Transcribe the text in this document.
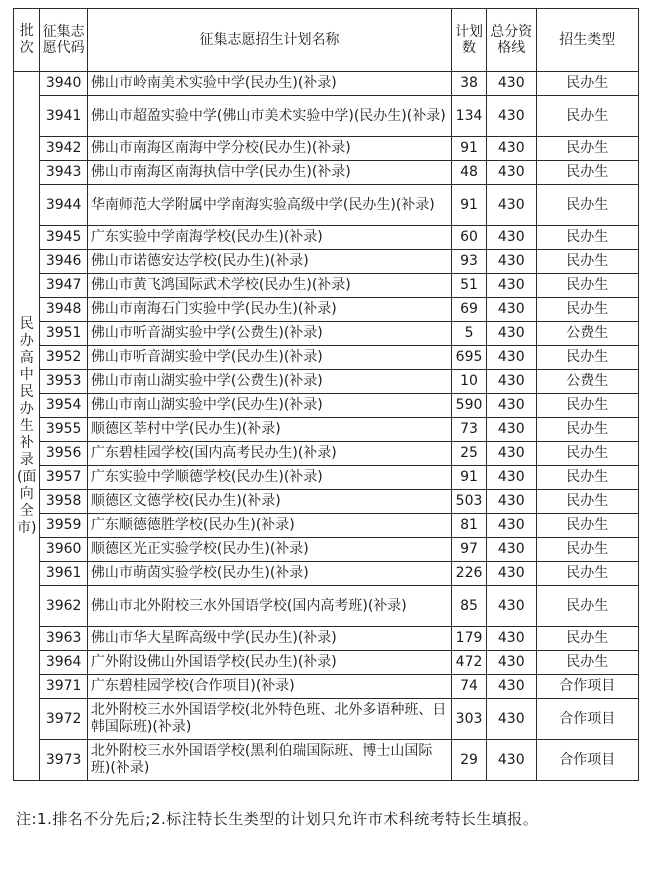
批次	征集志愿代码	征集志愿招生计划名称	计划数	总分资格线	招生类型
民办高中民办生补录(面向全市)	3940	佛山市岭南美术实验中学(民办生)(补录)	38	430	民办生
	3941	佛山市超盈实验中学(佛山市美术实验中学)(民办生)(补录)	134	430	民办生
	3942	佛山市南海区南海中学分校(民办生)(补录)	91	430	民办生
	3943	佛山市南海区南海执信中学(民办生)(补录)	48	430	民办生
	3944	华南师范大学附属中学南海实验高级中学(民办生)(补录)	91	430	民办生
	3945	广东实验中学南海学校(民办生)(补录)	60	430	民办生
	3946	佛山市诺德安达学校(民办生)(补录)	93	430	民办生
	3947	佛山市黄飞鸿国际武术学校(民办生)(补录)	51	430	民办生
	3948	佛山市南海石门实验中学(民办生)(补录)	69	430	民办生
	3951	佛山市听音湖实验中学(公费生)(补录)	5	430	公费生
	3952	佛山市听音湖实验中学(民办生)(补录)	695	430	民办生
	3953	佛山市南山湖实验中学(公费生)(补录)	10	430	公费生
	3954	佛山市南山湖实验中学(民办生)(补录)	590	430	民办生
	3955	顺德区莘村中学(民办生)(补录)	73	430	民办生
	3956	广东碧桂园学校(国内高考民办生)(补录)	25	430	民办生
	3957	广东实验中学顺德学校(民办生)(补录)	91	430	民办生
	3958	顺德区文德学校(民办生)(补录)	503	430	民办生
	3959	广东顺德德胜学校(民办生)(补录)	81	430	民办生
	3960	顺德区光正实验学校(民办生)(补录)	97	430	民办生
	3961	佛山市萌茵实验学校(民办生)(补录)	226	430	民办生
	3962	佛山市北外附校三水外国语学校(国内高考班)(补录)	85	430	民办生
	3963	佛山市华大星晖高级中学(民办生)(补录)	179	430	民办生
	3964	广外附设佛山外国语学校(民办生)(补录)	472	430	民办生
	3971	广东碧桂园学校(合作项目)(补录)	74	430	合作项目
	3972	北外附校三水外国语学校(北外特色班、北外多语种班、日韩国际班)(补录)	303	430	合作项目
	3973	北外附校三水外国语学校(黑利伯瑞国际班、博士山国际班)(补录)	29	430	合作项目
注:1.排名不分先后;2.标注特长生类型的计划只允许市术科统考特长生填报。
